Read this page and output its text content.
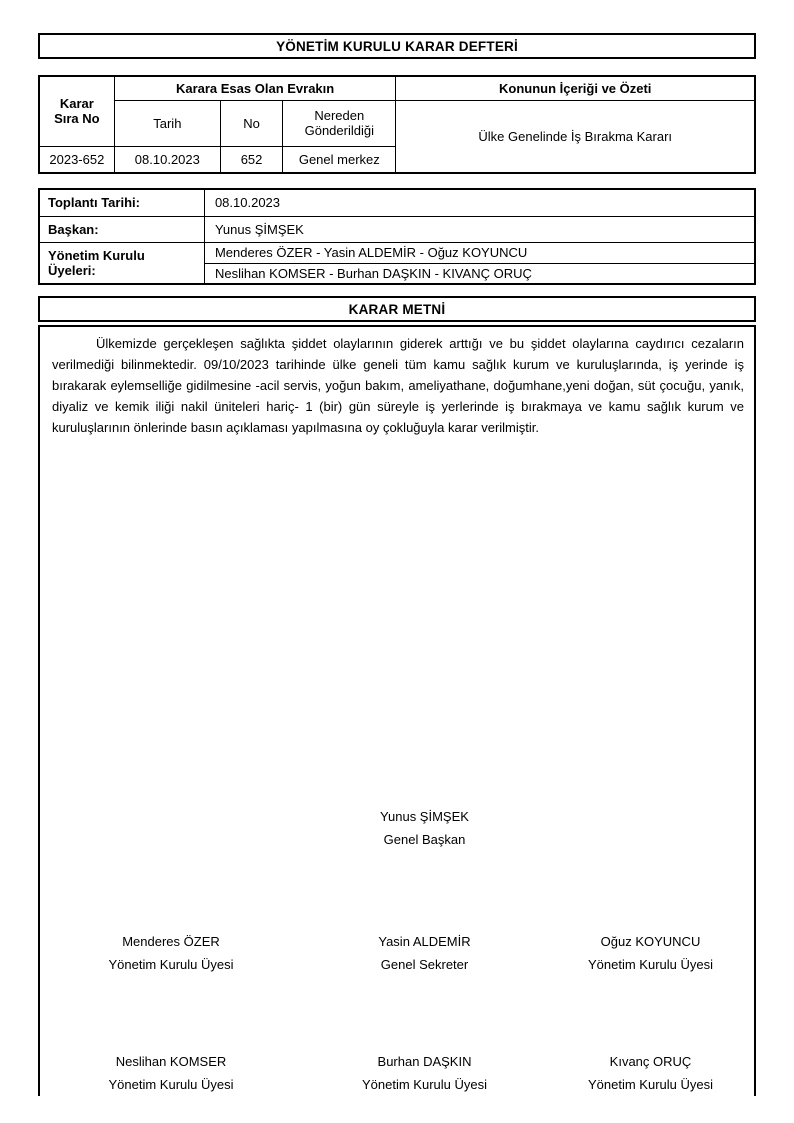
YÖNETİM KURULU KARAR DEFTERİ
Karar Sıra No	Karara Esas Olan Evrakın			Konunun İçeriği ve Özeti
	Tarih	No	Nereden Gönderildiği	Ülke Genelinde İş Bırakma Kararı
2023-652	08.10.2023	652	Genel merkez	
Toplantı Tarihi:	08.10.2023
Başkan:	Yunus ŞİMŞEK

Yönetim Kurulu Üyeleri:	Menderes ÖZER - Yasin ALDEMİR - Oğuz KOYUNCU
	Neslihan KOMSER - Burhan DAŞKIN - KIVANÇ ORUÇ
KARAR METNİ

Ülkemizde gerçekleşen sağlıkta şiddet olaylarının giderek arttığı ve bu şiddet olaylarına caydırıcı cezaların verilmediği bilinmektedir. 09/10/2023 tarihinde ülke geneli tüm kamu sağlık kurum ve kuruluşlarında, iş yerinde iş bırakarak eylemselliğe gidilmesine -acil servis, yoğun bakım, ameliyathane, doğumhane,yeni doğan, süt çocuğu, yanık, diyaliz ve kemik iliği nakil üniteleri hariç- 1 (bir) gün süreyle iş yerlerinde iş bırakmaya ve kamu sağlık kurum ve kuruluşlarının önlerinde basın açıklaması yapılmasına oy çokluğuyla karar verilmiştir.

Yunus ŞİMŞEK
Genel Başkan
Menderes ÖZER
Yönetim Kurulu Üyesi
Yasin ALDEMİR
Genel Sekreter
Oğuz KOYUNCU
Yönetim Kurulu Üyesi
Neslihan KOMSER
Yönetim Kurulu Üyesi
Burhan DAŞKIN
Yönetim Kurulu Üyesi
Kıvanç ORUÇ
Yönetim Kurulu Üyesi
